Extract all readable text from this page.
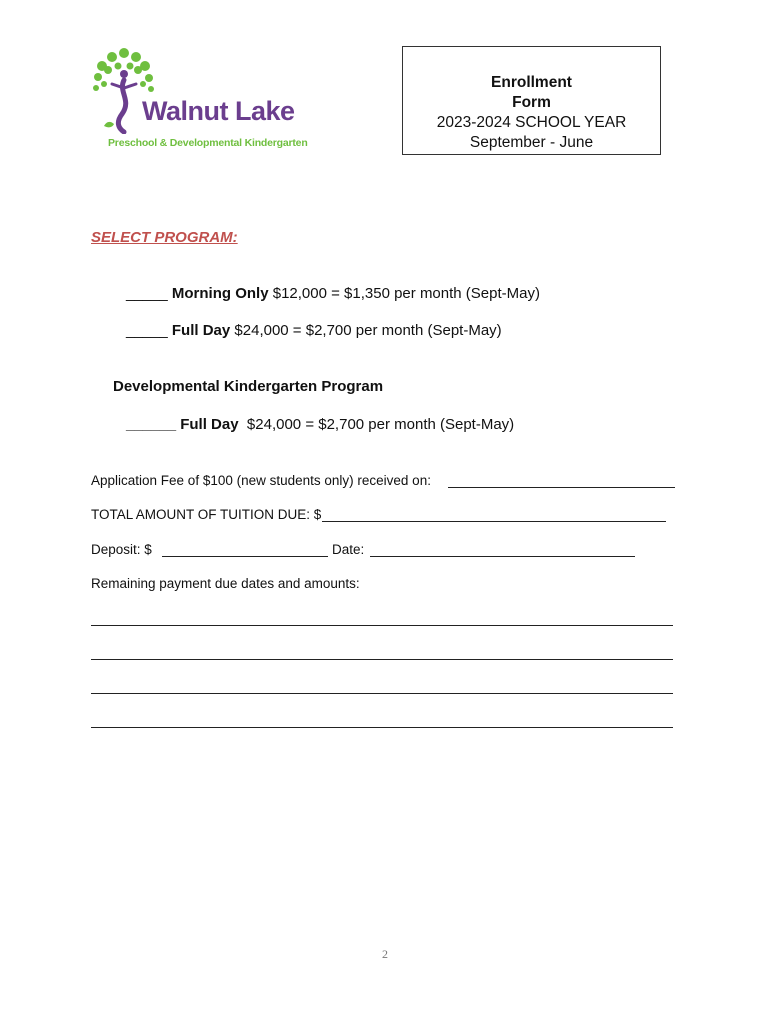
Walnut Lake
Preschool & Developmental Kindergarten
Enrollment
Form
2023-2024 SCHOOL YEAR
September - June
SELECT PROGRAM:
_____ Morning Only $12,000 = $1,350 per month (Sept-May)
_____ Full Day $24,000 = $2,700 per month (Sept-May)
Developmental Kindergarten Program
______ Full Day  $24,000 = $2,700 per month (Sept-May)
Application Fee of $100 (new students only) received on:
TOTAL AMOUNT OF TUITION DUE: $
Deposit: $	Date:
Remaining payment due dates and amounts:
2
